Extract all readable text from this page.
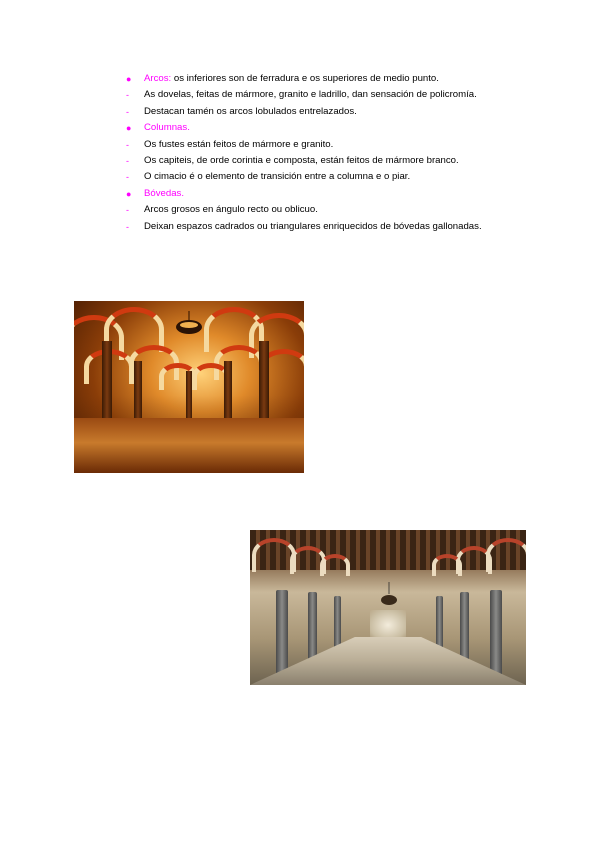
●	Arcos: os inferiores son de ferradura e os superiores de medio punto.
-	As dovelas, feitas de mármore, granito e ladrillo, dan sensación de policromía.
-	Destacan tamén os arcos lobulados entrelazados.
●	Columnas.
-	Os fustes están feitos de mármore e granito.
-	Os capiteis, de orde corintia e composta, están feitos de mármore branco.
-	O cimacio é o elemento de transición entre a columna e o piar.
●	Bóvedas.
-	Arcos grosos en ángulo recto ou oblicuo.
-	Deixan espazos cadrados ou triangulares enriquecidos de bóvedas gallonadas.
